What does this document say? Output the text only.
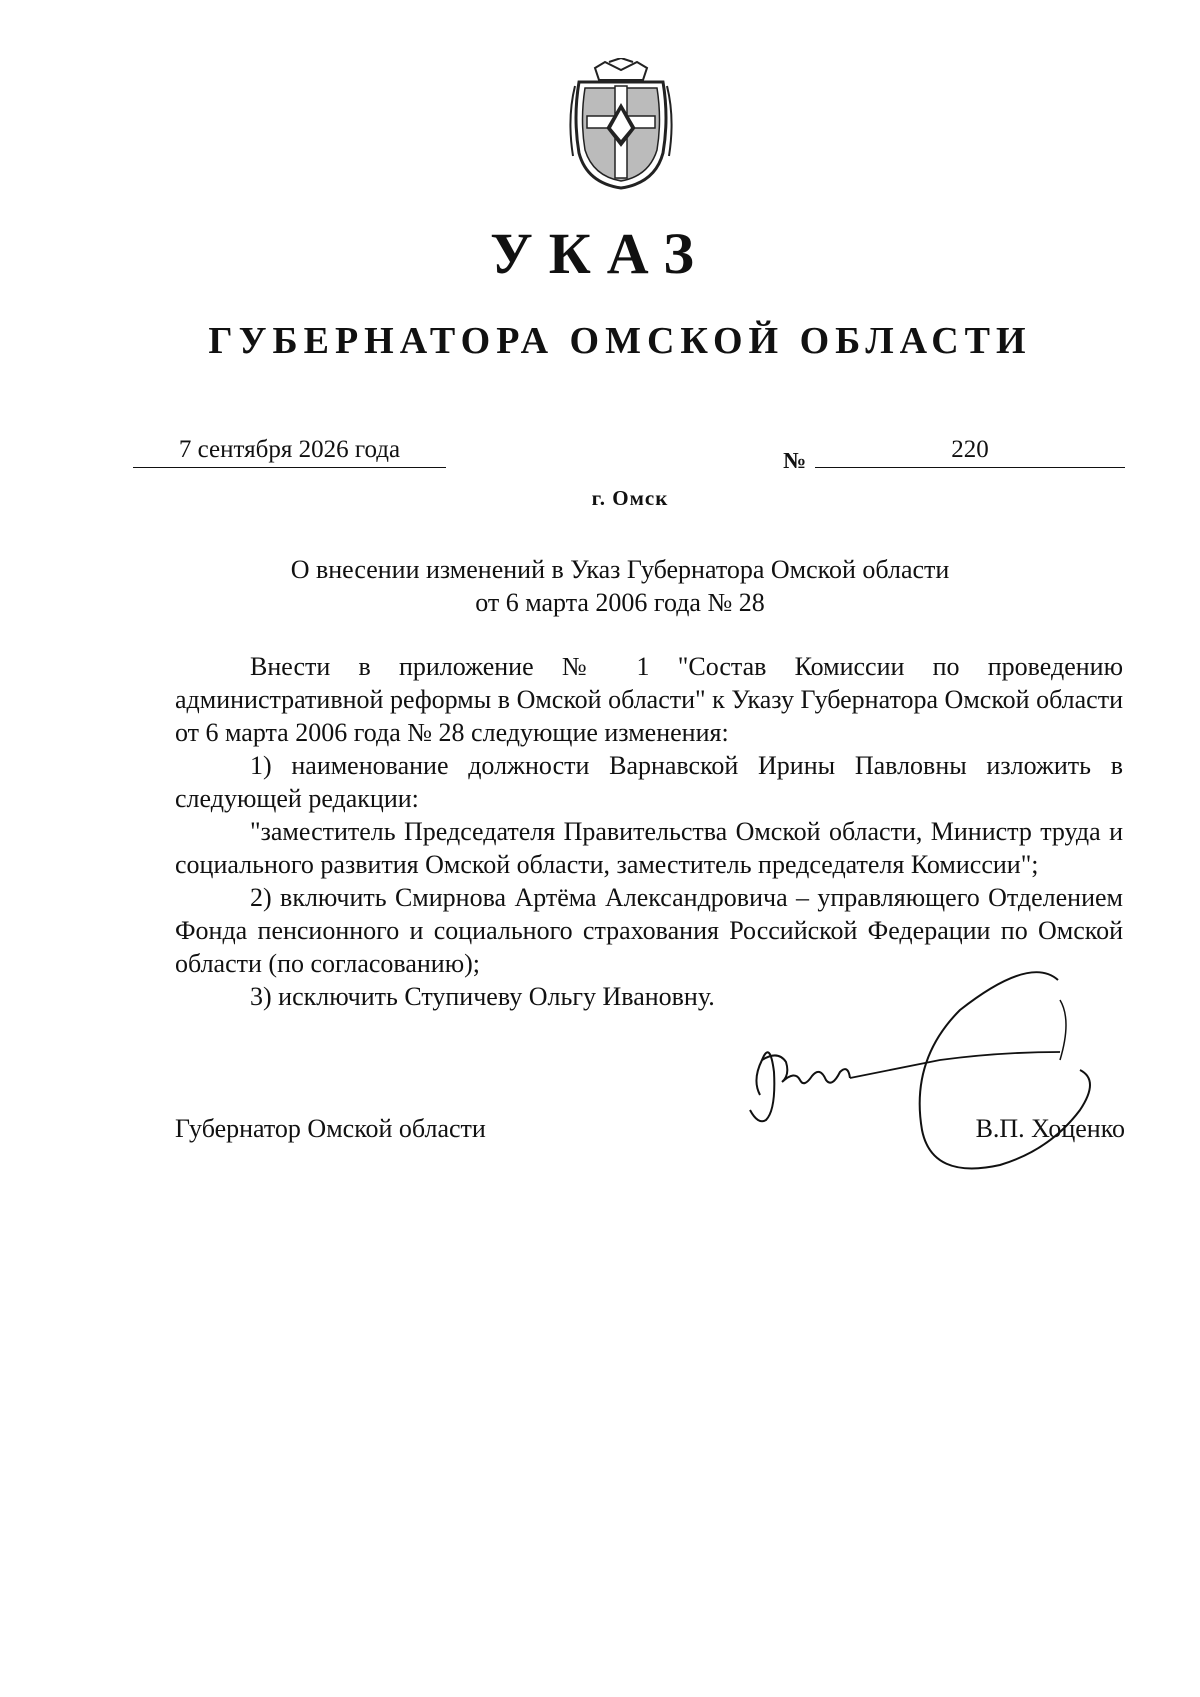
УКАЗ
ГУБЕРНАТОРА ОМСКОЙ ОБЛАСТИ
7 сентября 2026 года	№	220
г. Омск
О внесении изменений в Указ Губернатора Омской области
от 6 марта 2006 года № 28

Внести в приложение № 1 "Состав Комиссии по проведению административной реформы в Омской области" к Указу Губернатора Омской области от 6 марта 2006 года № 28 следующие изменения:

1) наименование должности Варнавской Ирины Павловны изложить в следующей редакции:

"заместитель Председателя Правительства Омской области, Министр труда и социального развития Омской области, заместитель председателя Комиссии";

2) включить Смирнова Артёма Александровича – управляющего Отделением Фонда пенсионного и социального страхования Российской Федерации по Омской области (по согласованию);

3) исключить Ступичеву Ольгу Ивановну.

Губернатор Омской области	В.П. Хоценко
